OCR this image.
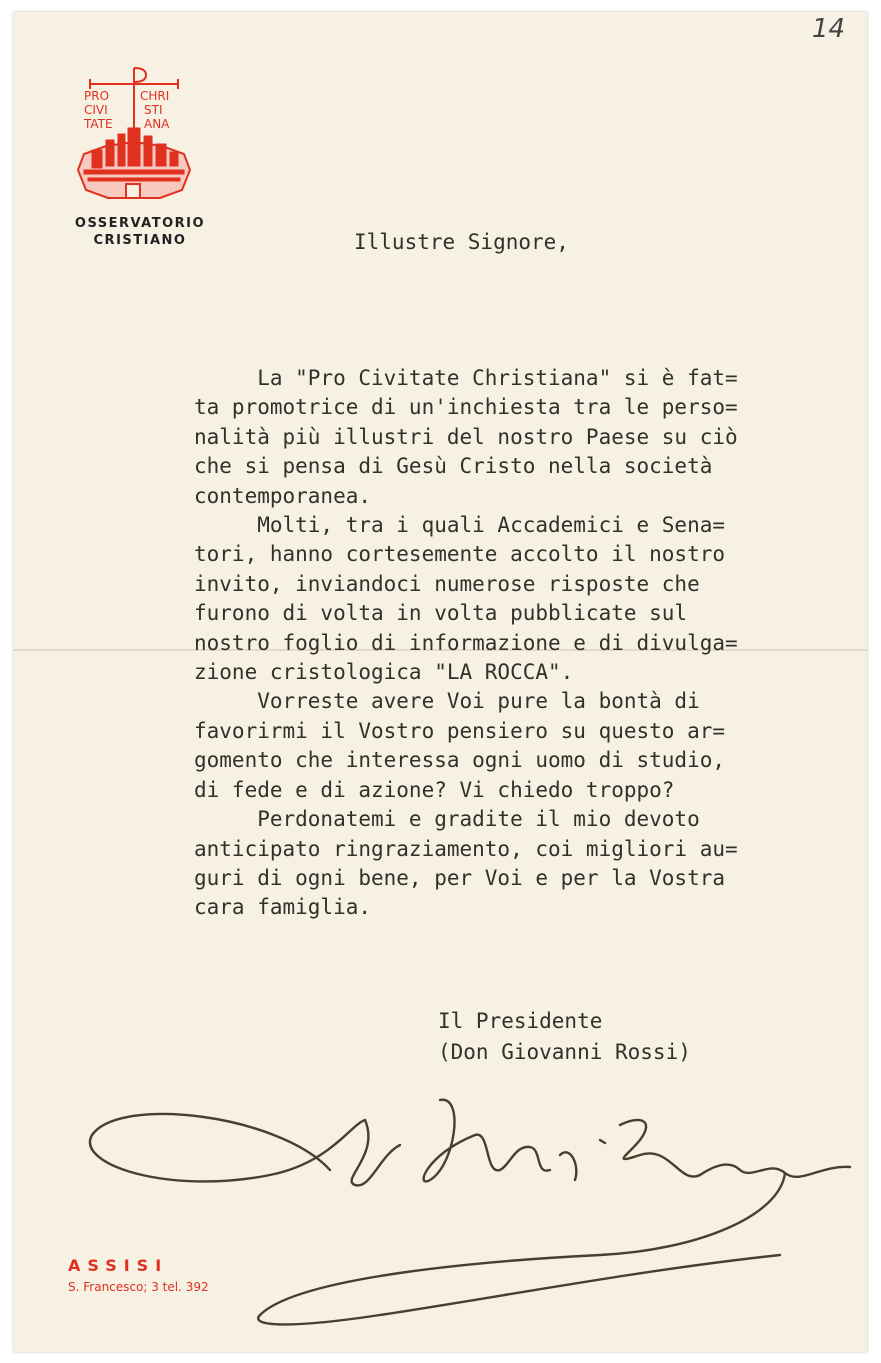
14
PRO	CHRI
CIVI	STI
TATE	ANA
OSSERVATORIO
CRISTIANO	Illustre Signore,
La "Pro Civitate Christiana" si è fat=
ta promotrice di un'inchiesta tra le perso=
nalità più illustri del nostro Paese su ciò
che si pensa di Gesù Cristo nella società
contemporanea.
Molti, tra i quali Accademici e Sena=
tori, hanno cortesemente accolto il nostro
invito, inviandoci numerose risposte che
furono di volta in volta pubblicate sul
nostro foglio di informazione e di divulga=
zione cristologica "LA ROCCA".
Vorreste avere Voi pure la bontà di
favorirmi il Vostro pensiero su questo ar=
gomento che interessa ogni uomo di studio,
di fede e di azione? Vi chiedo troppo?
Perdonatemi e gradite il mio devoto
anticipato ringraziamento, coi migliori au=
guri di ogni bene, per Voi e per la Vostra
cara famiglia.
Il Presidente
(Don Giovanni Rossi)
Sac. Giov. Rossi
ASSISI
S. Francesco; 3 tel. 392
